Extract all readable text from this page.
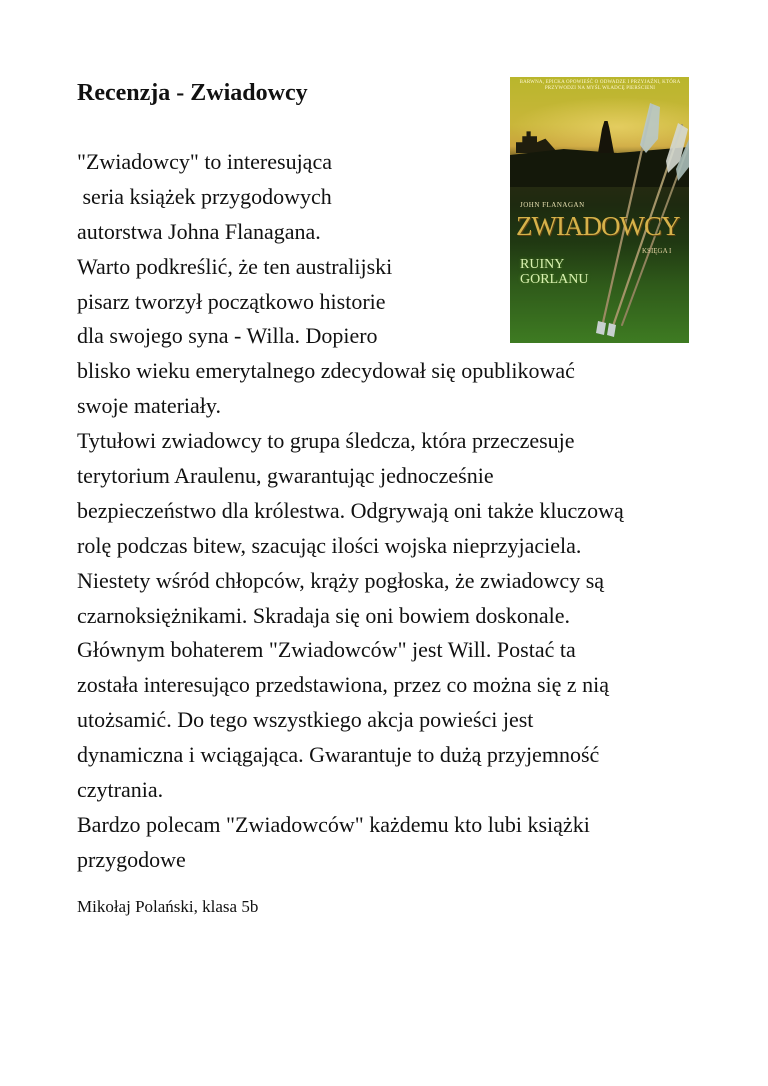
Recenzja - Zwiadowcy
"Zwiadowcy" to interesująca
seria książek przygodowych
autorstwa Johna Flanagana.
Warto podkreślić, że ten australijski
pisarz tworzył początkowo historie
dla swojego syna - Willa. Dopiero
blisko wieku emerytalnego zdecydował się opublikować
swoje materiały.
Tytułowi zwiadowcy to grupa śledcza, która przeczesuje
terytorium Araulenu, gwarantując jednocześnie
bezpieczeństwo dla królestwa. Odgrywają oni także kluczową
rolę podczas bitew, szacując ilości wojska nieprzyjaciela.
Niestety wśród chłopców, krąży pogłoska, że zwiadowcy są
czarnoksiężnikami. Skradaja się oni bowiem doskonale.
Głównym bohaterem "Zwiadowców" jest Will. Postać ta
została interesująco przedstawiona, przez co można się z nią
utożsamić. Do tego wszystkiego akcja powieści jest
dynamiczna i wciągająca. Gwarantuje to dużą przyjemność
czytrania.
Bardzo polecam "Zwiadowców" każdemu kto lubi książki
przygodowe
Mikołaj Polański, klasa 5b
BARWNA, EPICKA OPOWIEŚĆ O ODWADZE I PRZYJAŹNI, KTÓRA PRZYWODZI NA MYŚL WŁADCĘ PIERŚCIENI
JOHN FLANAGAN
ZWIADOWCY
KSIĘGA I
RUINY
GORLANU
